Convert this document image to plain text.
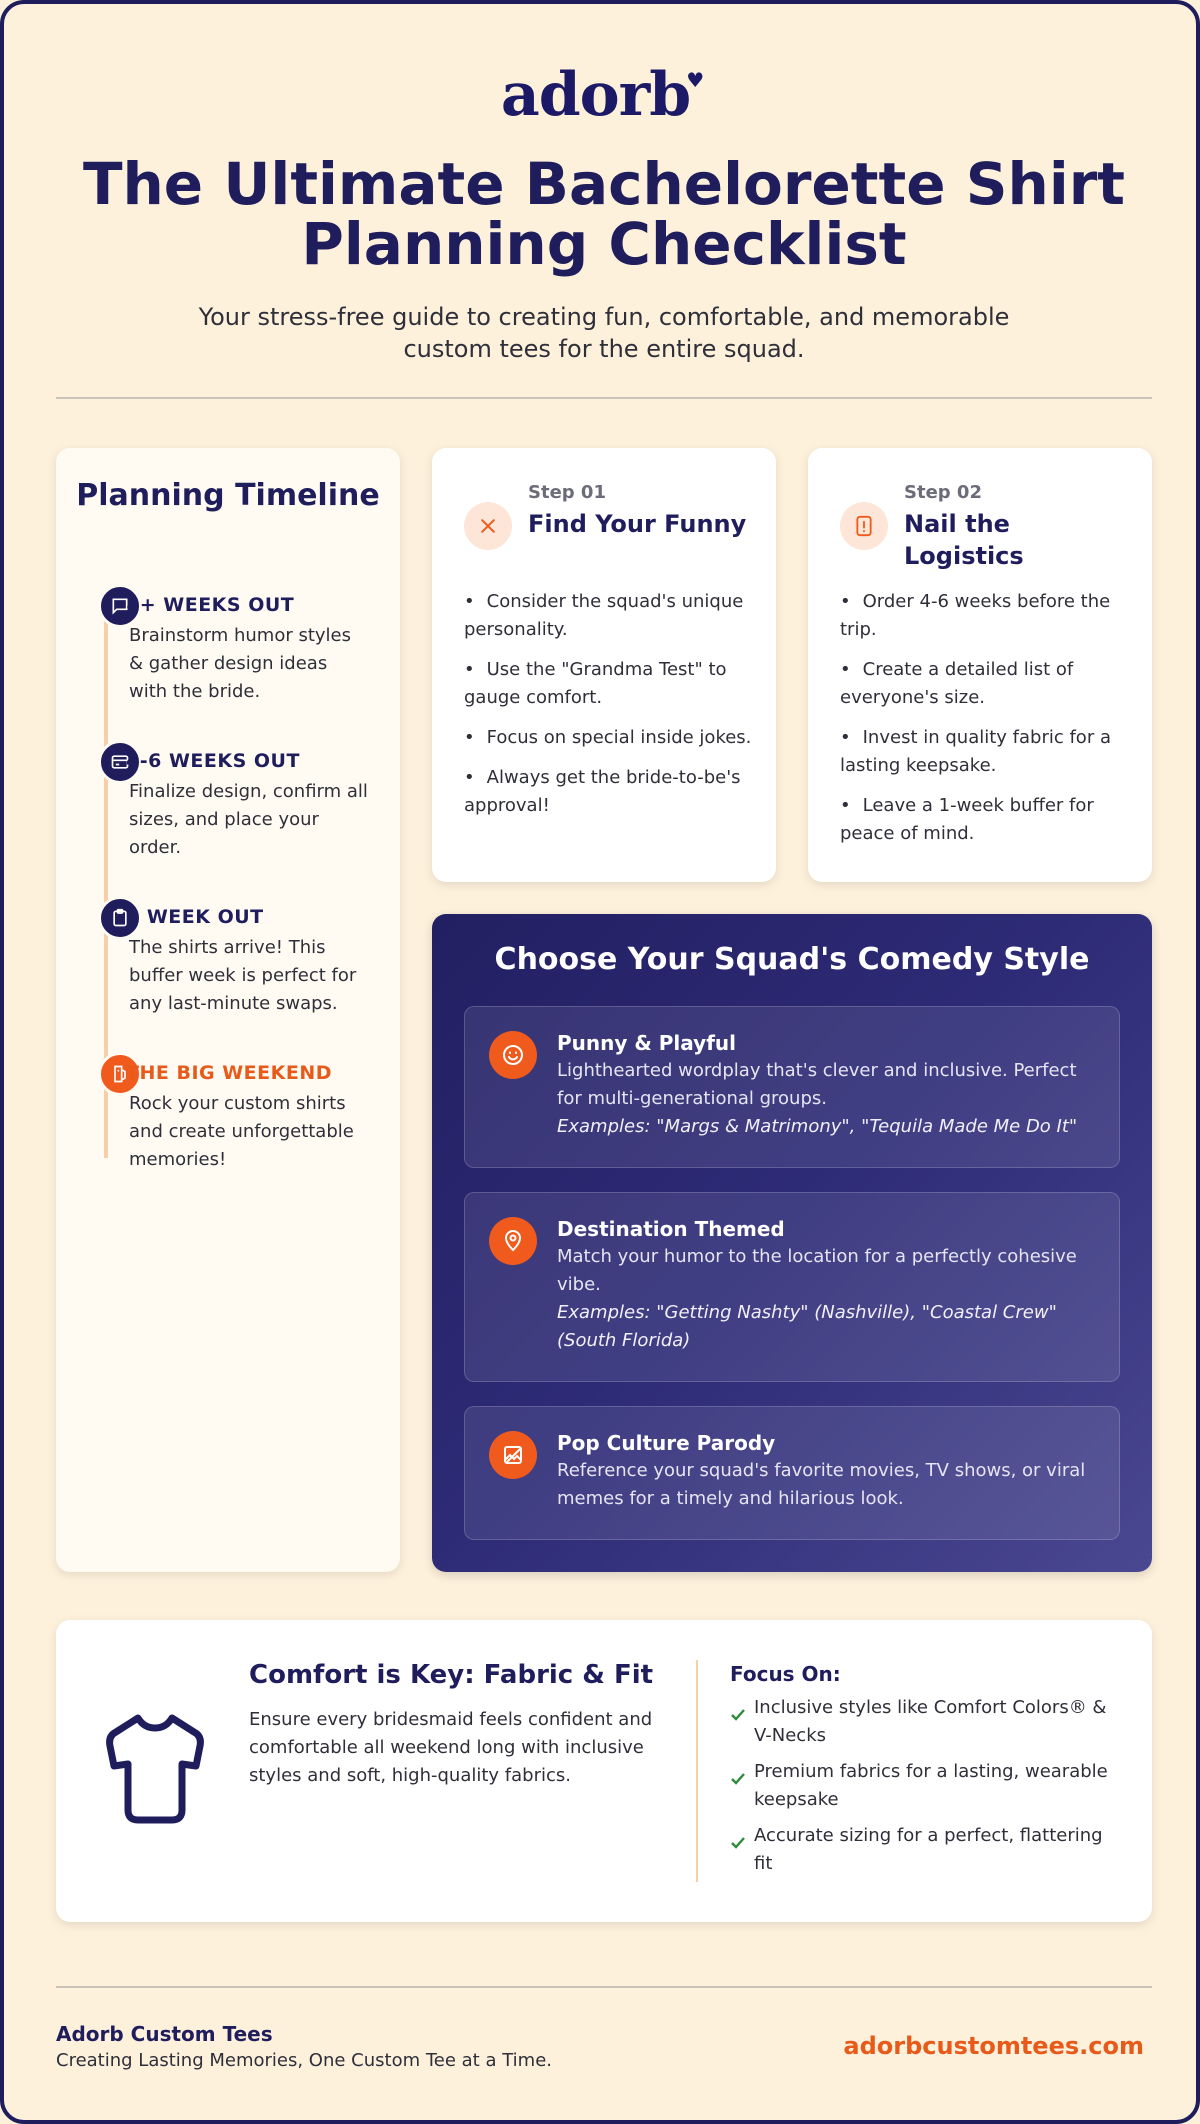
adorb♥
The Ultimate Bachelorette Shirt Planning Checklist

Your stress-free guide to creating fun, comfortable, and memorable custom tees for the entire squad.

Planning Timeline
8+ WEEKS OUT
Brainstorm humor styles & gather design ideas with the bride.
4-6 WEEKS OUT
Finalize design, confirm all sizes, and place your order.
1 WEEK OUT
The shirts arrive! This buffer week is perfect for any last-minute swaps.
THE BIG WEEKEND
Rock your custom shirts and create unforgettable memories!
Step 01
Find Your Funny
• Consider the squad's unique personality.
• Use the "Grandma Test" to gauge comfort.
• Focus on special inside jokes.
• Always get the bride-to-be's approval!
Step 02
Nail the Logistics
• Order 4-6 weeks before the trip.
• Create a detailed list of everyone's size.
• Invest in quality fabric for a lasting keepsake.
• Leave a 1-week buffer for peace of mind.
Choose Your Squad's Comedy Style
Punny & Playful
Lighthearted wordplay that's clever and inclusive. Perfect for multi-generational groups.
Examples: "Margs & Matrimony", "Tequila Made Me Do It"
Destination Themed
Match your humor to the location for a perfectly cohesive vibe.
Examples: "Getting Nashty" (Nashville), "Coastal Crew" (South Florida)
Pop Culture Parody
Reference your squad's favorite movies, TV shows, or viral memes for a timely and hilarious look.
Comfort is Key: Fabric & Fit
Ensure every bridesmaid feels confident and comfortable all weekend long with inclusive styles and soft, high-quality fabrics.
Focus On:
Inclusive styles like Comfort Colors® & V-Necks
Premium fabrics for a lasting, wearable keepsake
Accurate sizing for a perfect, flattering fit
Adorb Custom Tees
Creating Lasting Memories, One Custom Tee at a Time.
adorbcustomtees.com
